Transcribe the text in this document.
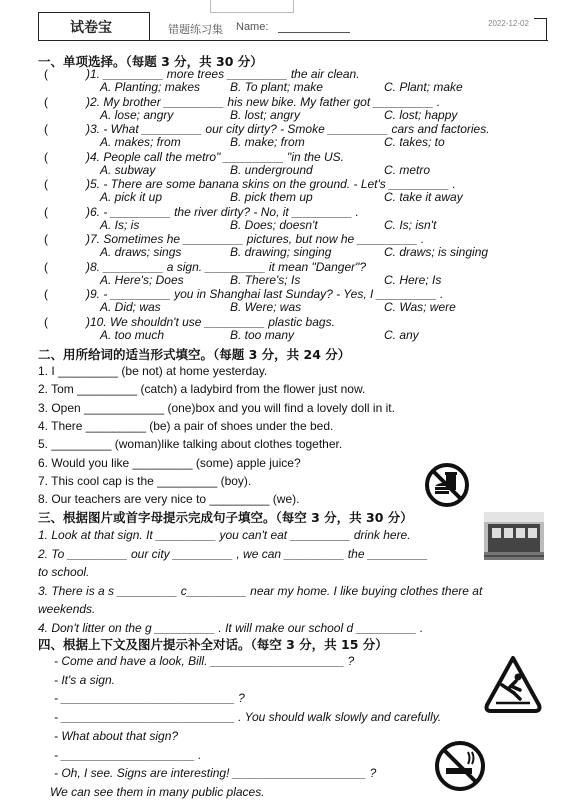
试卷宝	错题练习集 Name:	2022-12-02
一、单项选择。（每题 3 分，共 30 分）
(	)1. _________ more trees _________ the air clean.
A. Planting; makes B. To plant; make	C. Plant; make
(	)2. My brother _________ his new bike. My father got _________ .
A. lose; angry	B. lost; angry	C. lost; happy
(	)3. - What _________ our city dirty? - Smoke _________ cars and factories.
A. makes; from	B. make; from	C. takes; to
(	)4. People call the metro" _________ "in the US.
A. subway	B. underground	C. metro
(	)5. - There are some banana skins on the ground. - Let's _________ .
A. pick it up	B. pick them up	C. take it away
(	)6. - _________ the river dirty? - No, it _________ .
A. Is; is	B. Does; doesn't	C. Is; isn't
(	)7. Sometimes he _________ pictures, but now he _________ .
A. draws; sings	B. drawing; singing	C. draws; is singing
(	)8. _________ a sign. _________ it mean "Danger"?
A. Here's; Does	B. There's; Is	C. Here; Is
(	)9. - _________ you in Shanghai last Sunday? - Yes, I _________ .
A. Did; was	B. Were; was	C. Was; were
(	)10. We shouldn't use _________ plastic bags.
A. too much	B. too many	C. any
二、用所给词的适当形式填空。（每题 3 分，共 24 分）
1. I _________ (be not) at home yesterday.
2. Tom _________ (catch) a ladybird from the flower just now.
3. Open ____________ (one)box and you will find a lovely doll in it.
4. There _________ (be) a pair of shoes under the bed.
5. _________ (woman)like talking about clothes together.
6. Would you like _________ (some) apple juice?
7. This cool cap is the _________ (boy).
8. Our teachers are very nice to _________ (we).
三、根据图片或首字母提示完成句子填空。（每空 3 分，共 30 分）
1. Look at that sign. It _________ you can't eat _________ drink here.
2. To _________ our city _________ , we can _________ the _________
to school.
3. There is a s _________ c_________ near my home. I like buying clothes there at
weekends.
4. Don't litter on the g _________ . It will make our school d _________ .
四、根据上下文及图片提示补全对话。（每空 3 分，共 15 分）
- Come and have a look, Bill. ____________________ ?
- It's a sign.
- __________________________ ?
- __________________________ . You should walk slowly and carefully.
- What about that sign?
- ____________________ .
- Oh, I see. Signs are interesting! ____________________ ?
We can see them in many public places.
